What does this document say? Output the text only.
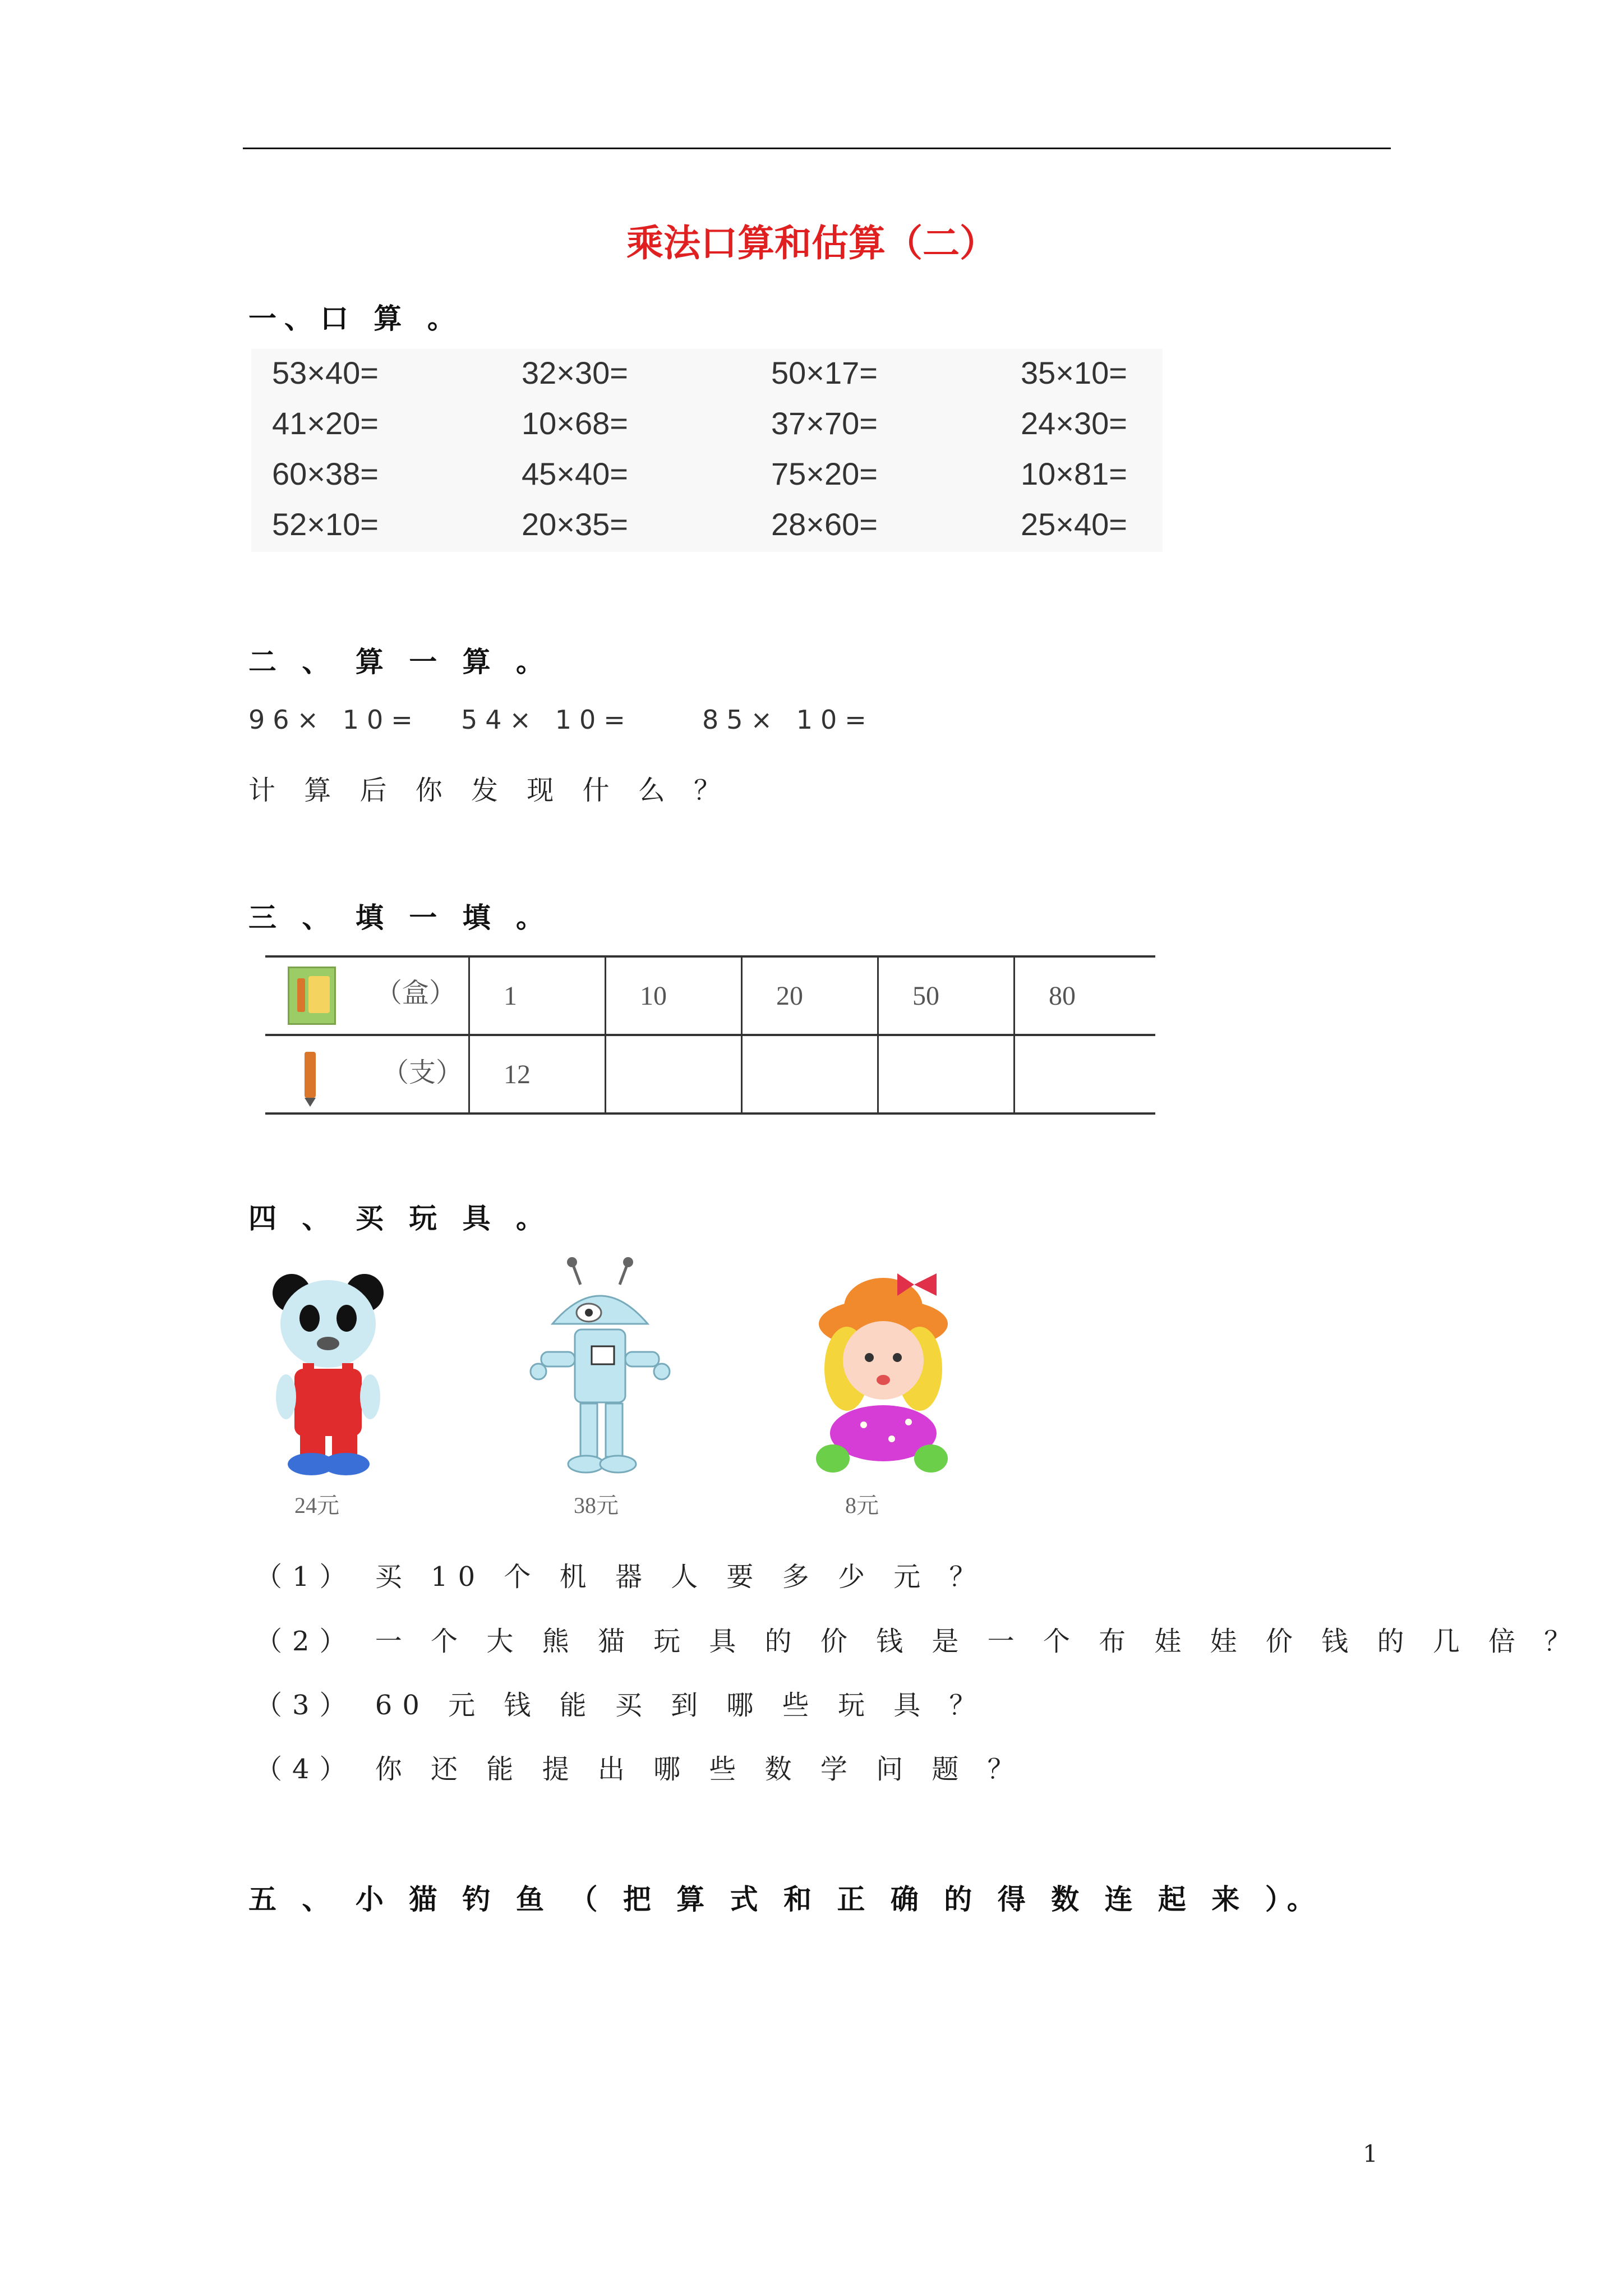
乘法口算和估算（二）
一、口 算 。
53×40=	32×30=	50×17=	35×10=
41×20=	10×68=	37×70=	24×30=
60×38=	45×40=	75×20=	10×81=
52×10=	20×35=	28×60=	25×40=
二 、 算 一 算 。
96× 10= 54× 10=	85× 10=
计 算 后 你 发 现 什 么 ？
三 、 填 一 填 。
（盒）	1	10	20	50	80
（支）	12				
四 、 买 玩 具 。
24元	38元	8元
（1） 买 10 个 机 器 人 要 多 少 元 ？
（2） 一 个 大 熊 猫 玩 具 的 价 钱 是 一 个 布 娃 娃 价 钱 的 几 倍 ？
（3） 60 元 钱 能 买 到 哪 些 玩 具 ？
（4） 你 还 能 提 出 哪 些 数 学 问 题 ？
五 、 小 猫 钓 鱼 （ 把 算 式 和 正 确 的 得 数 连 起 来 ）。
1
